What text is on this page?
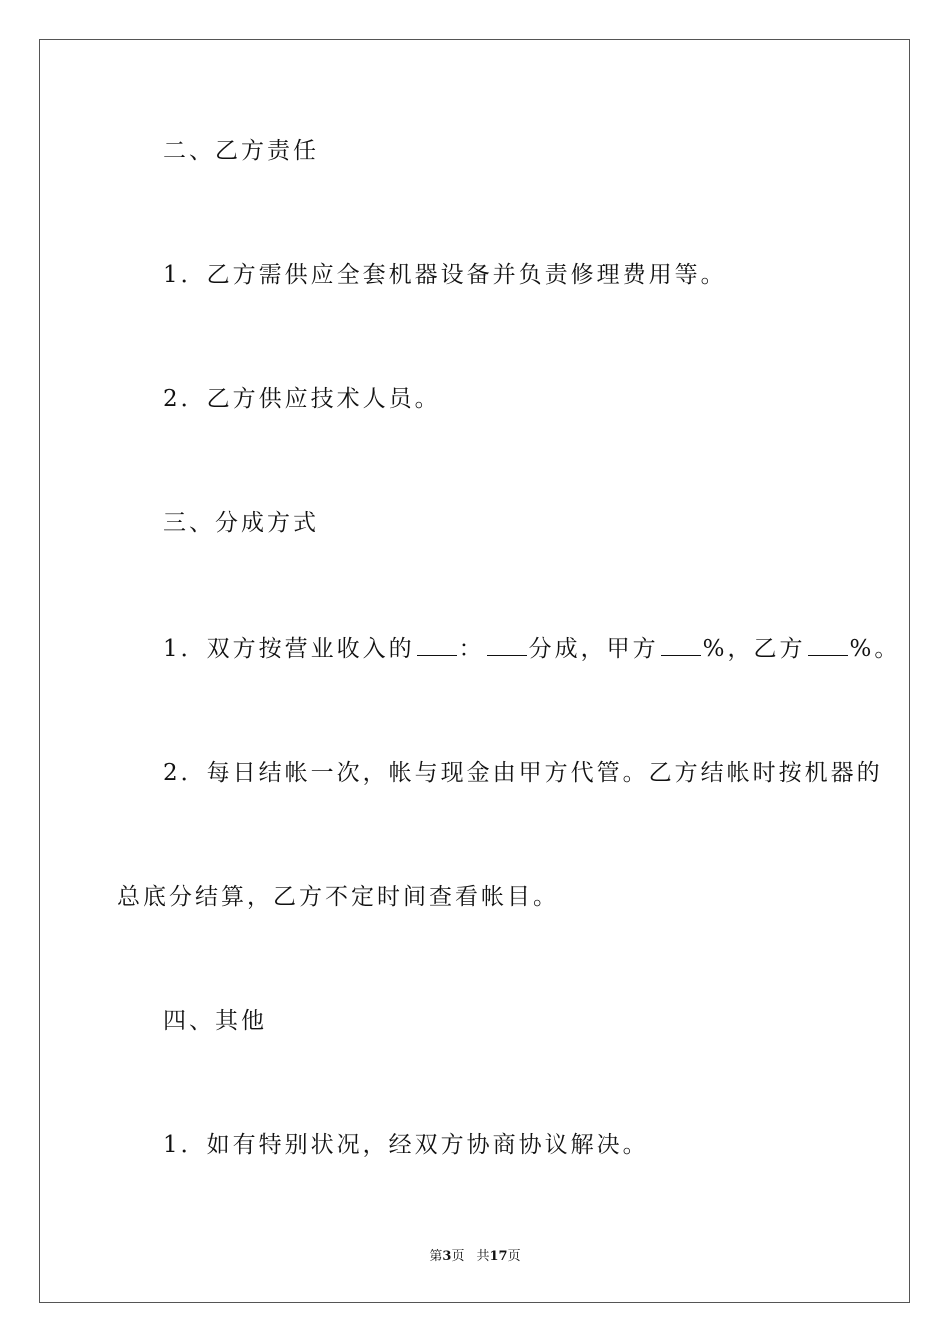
二、乙方责任
1．乙方需供应全套机器设备并负责修理费用等。
2．乙方供应技术人员。
三、分成方式
1．双方按营业收入的 ： 分成，甲方 %，乙方 %。
2．每日结帐一次，帐与现金由甲方代管。乙方结帐时按机器的
总底分结算，乙方不定时间查看帐目。
四、其他
1．如有特别状况，经双方协商协议解决。
第3页 共17页
